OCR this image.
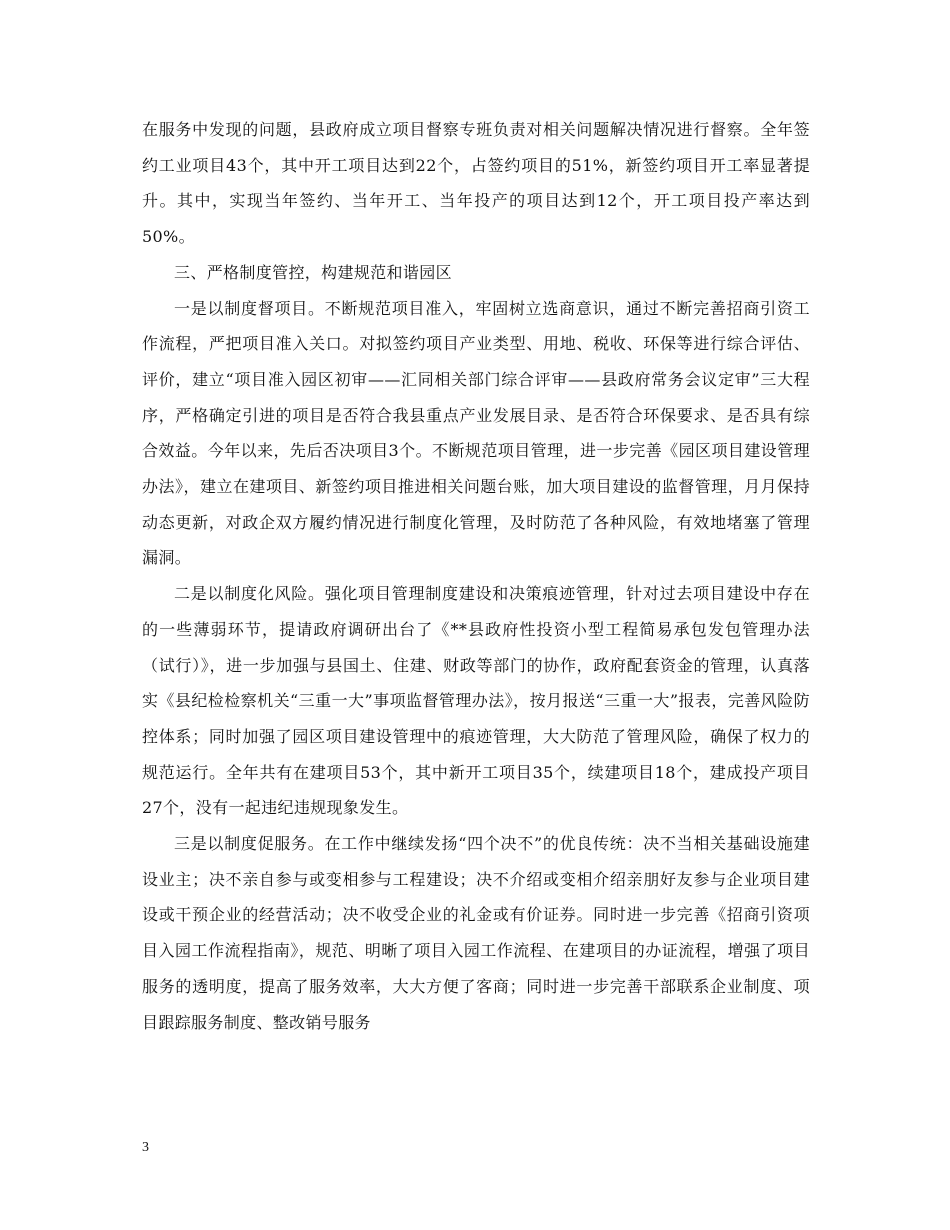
在服务中发现的问题，县政府成立项目督察专班负责对相关问题解决情况进行督察。全年签约工业项目43个，其中开工项目达到22个，占签约项目的51%，新签约项目开工率显著提升。其中，实现当年签约、当年开工、当年投产的项目达到12个，开工项目投产率达到50%。

三、严格制度管控，构建规范和谐园区

一是以制度督项目。不断规范项目准入，牢固树立选商意识，通过不断完善招商引资工作流程，严把项目准入关口。对拟签约项目产业类型、用地、税收、环保等进行综合评估、评价，建立“项目准入园区初审——汇同相关部门综合评审——县政府常务会议定审”三大程序，严格确定引进的项目是否符合我县重点产业发展目录、是否符合环保要求、是否具有综合效益。今年以来，先后否决项目3个。不断规范项目管理，进一步完善《园区项目建设管理办法》，建立在建项目、新签约项目推进相关问题台账，加大项目建设的监督管理，月月保持动态更新，对政企双方履约情况进行制度化管理，及时防范了各种风险，有效地堵塞了管理漏洞。

二是以制度化风险。强化项目管理制度建设和决策痕迹管理，针对过去项目建设中存在的一些薄弱环节，提请政府调研出台了《**县政府性投资小型工程简易承包发包管理办法（试行）》，进一步加强与县国土、住建、财政等部门的协作，政府配套资金的管理，认真落实《县纪检检察机关“三重一大”事项监督管理办法》，按月报送“三重一大”报表，完善风险防控体系；同时加强了园区项目建设管理中的痕迹管理，大大防范了管理风险，确保了权力的规范运行。全年共有在建项目53个，其中新开工项目35个，续建项目18个，建成投产项目27个，没有一起违纪违规现象发生。

三是以制度促服务。在工作中继续发扬“四个决不”的优良传统：决不当相关基础设施建设业主；决不亲自参与或变相参与工程建设；决不介绍或变相介绍亲朋好友参与企业项目建设或干预企业的经营活动；决不收受企业的礼金或有价证券。同时进一步完善《招商引资项目入园工作流程指南》，规范、明晰了项目入园工作流程、在建项目的办证流程，增强了项目服务的透明度，提高了服务效率，大大方便了客商；同时进一步完善干部联系企业制度、项目跟踪服务制度、整改销号服务

3
